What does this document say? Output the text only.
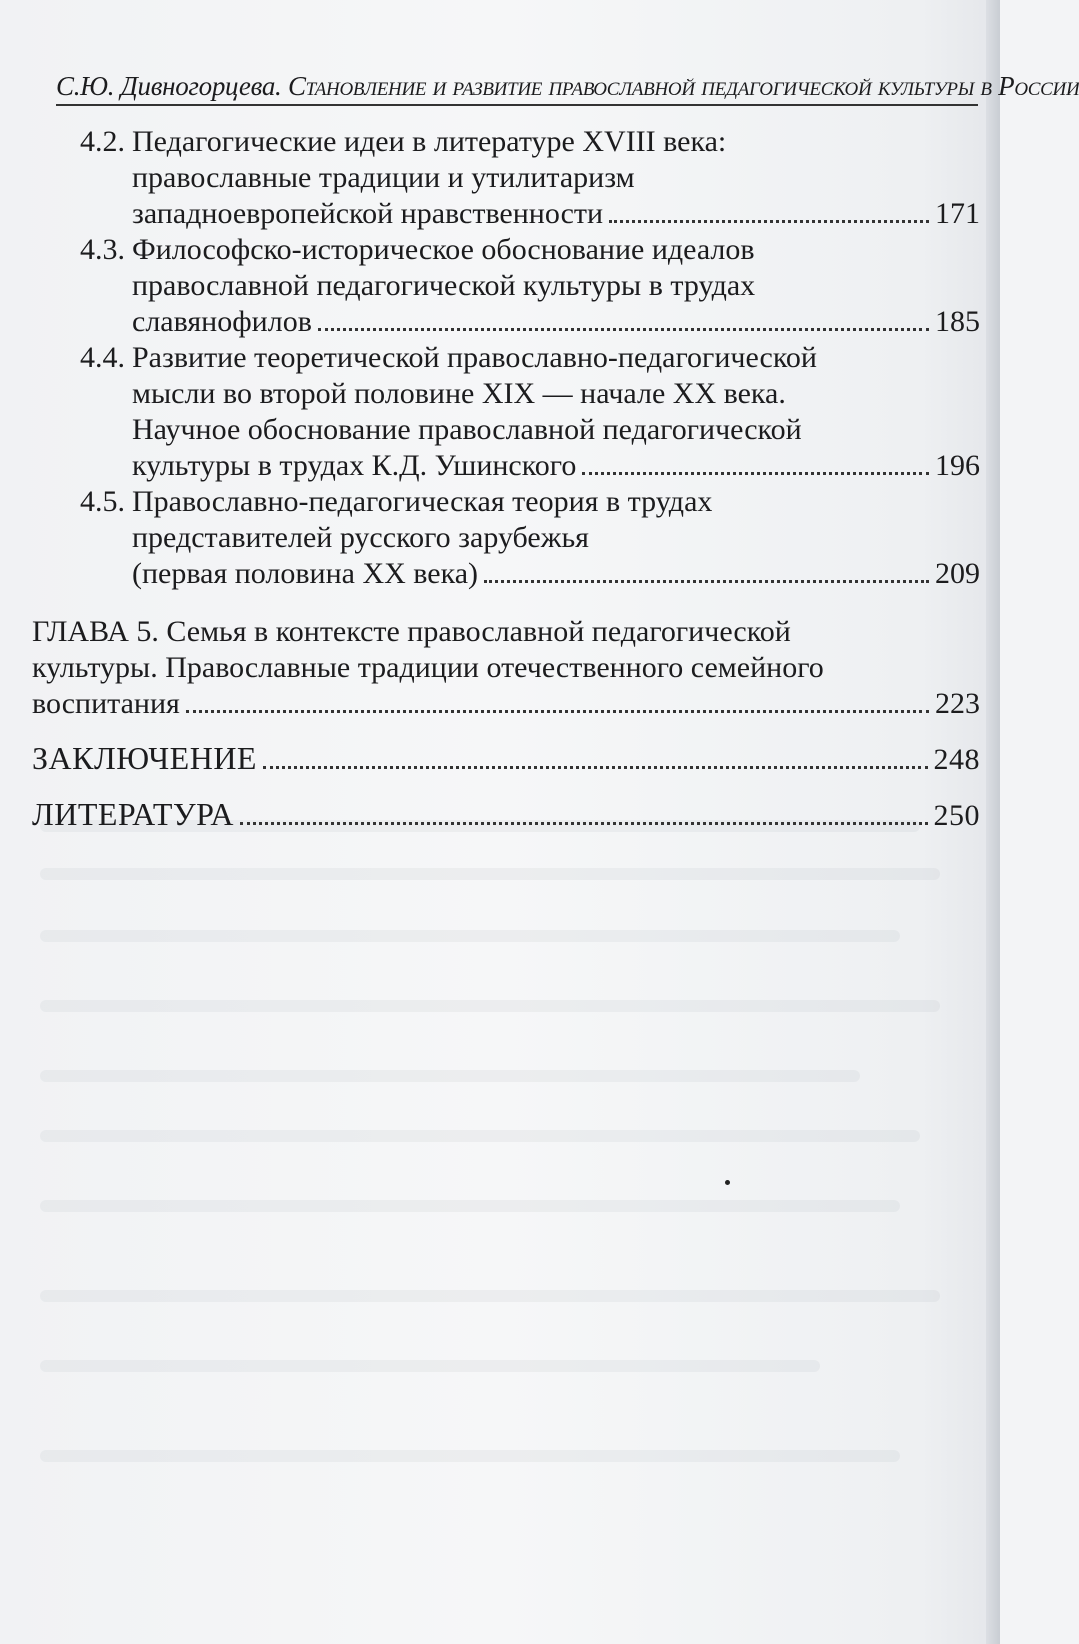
С.Ю. Дивногорцева. Становление и развитие православной педагогической культуры в России
4.2. Педагогические идеи в литературе XVIII века:
православные традиции и утилитаризм
западноевропейской нравственности	171
4.3. Философско-историческое обоснование идеалов
православной педагогической культуры в трудах
славянофилов	185
4.4. Развитие теоретической православно-педагогической
мысли во второй половине XIX — начале XX века.
Научное обоснование православной педагогической
культуры в трудах К.Д. Ушинского	196
4.5. Православно-педагогическая теория в трудах
представителей русского зарубежья
(первая половина XX века)	209
ГЛАВА 5. Семья в контексте православной педагогической
культуры. Православные традиции отечественного семейного
воспитания	223
ЗАКЛЮЧЕНИЕ	248
ЛИТЕРАТУРА	250
